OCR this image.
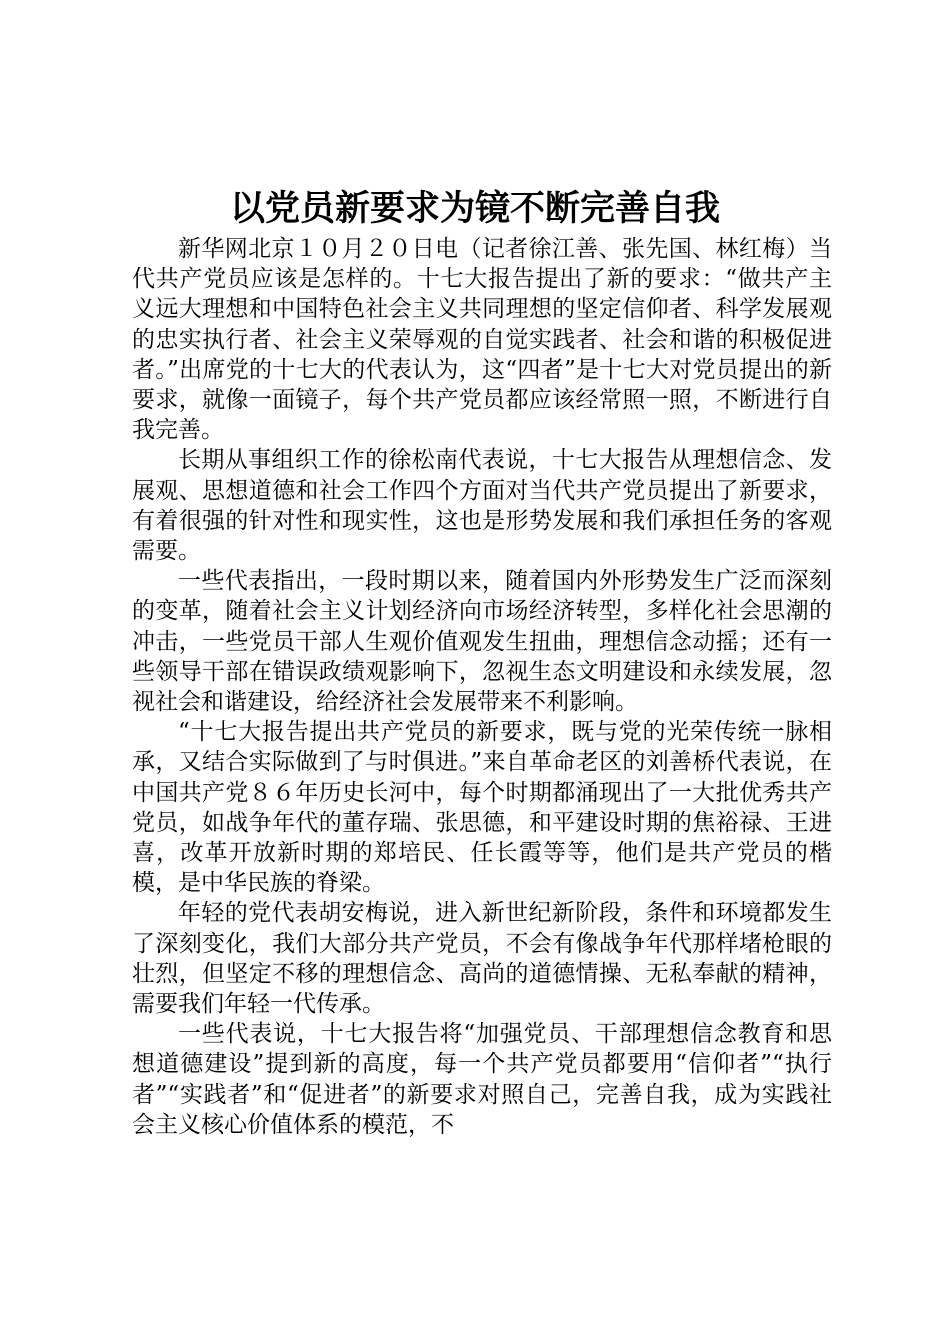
以党员新要求为镜不断完善自我

新华网北京１０月２０日电（记者徐江善、张先国、林红梅）当代共产党员应该是怎样的。十七大报告提出了新的要求：“做共产主义远大理想和中国特色社会主义共同理想的坚定信仰者、科学发展观的忠实执行者、社会主义荣辱观的自觉实践者、社会和谐的积极促进者。”出席党的十七大的代表认为，这“四者”是十七大对党员提出的新要求，就像一面镜子，每个共产党员都应该经常照一照，不断进行自我完善。

长期从事组织工作的徐松南代表说，十七大报告从理想信念、发展观、思想道德和社会工作四个方面对当代共产党员提出了新要求，有着很强的针对性和现实性，这也是形势发展和我们承担任务的客观需要。

一些代表指出，一段时期以来，随着国内外形势发生广泛而深刻的变革，随着社会主义计划经济向市场经济转型，多样化社会思潮的冲击，一些党员干部人生观价值观发生扭曲，理想信念动摇；还有一些领导干部在错误政绩观影响下，忽视生态文明建设和永续发展，忽视社会和谐建设，给经济社会发展带来不利影响。

“十七大报告提出共产党员的新要求，既与党的光荣传统一脉相承，又结合实际做到了与时俱进。”来自革命老区的刘善桥代表说，在中国共产党８６年历史长河中，每个时期都涌现出了一大批优秀共产党员，如战争年代的董存瑞、张思德，和平建设时期的焦裕禄、王进喜，改革开放新时期的郑培民、任长霞等等，他们是共产党员的楷模，是中华民族的脊梁。

年轻的党代表胡安梅说，进入新世纪新阶段，条件和环境都发生了深刻变化，我们大部分共产党员，不会有像战争年代那样堵枪眼的壮烈，但坚定不移的理想信念、高尚的道德情操、无私奉献的精神，需要我们年轻一代传承。

一些代表说，十七大报告将“加强党员、干部理想信念教育和思想道德建设”提到新的高度，每一个共产党员都要用“信仰者”“执行者”“实践者”和“促进者”的新要求对照自己，完善自我，成为实践社会主义核心价值体系的模范，不
